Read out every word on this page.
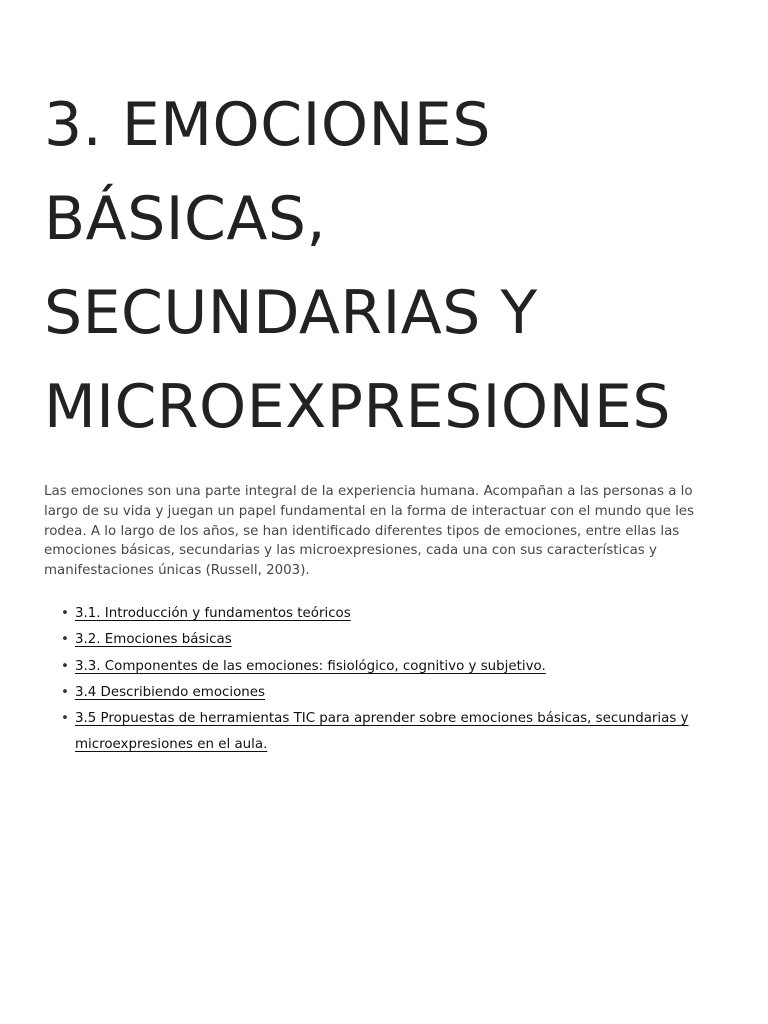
3. EMOCIONES
BÁSICAS,
SECUNDARIAS Y
MICROEXPRESIONES

Las emociones son una parte integral de la experiencia humana. Acompañan a las personas a lo largo de su vida y juegan un papel fundamental en la forma de interactuar con el mundo que les rodea. A lo largo de los años, se han identificado diferentes tipos de emociones, entre ellas las emociones básicas, secundarias y las microexpresiones, cada una con sus características y manifestaciones únicas (Russell, 2003).

• 3.1. Introducción y fundamentos teóricos
• 3.2. Emociones básicas
• 3.3. Componentes de las emociones: fisiológico, cognitivo y subjetivo.
• 3.4 Describiendo emociones
• 3.5 Propuestas de herramientas TIC para aprender sobre emociones básicas, secundarias y microexpresiones en el aula.
